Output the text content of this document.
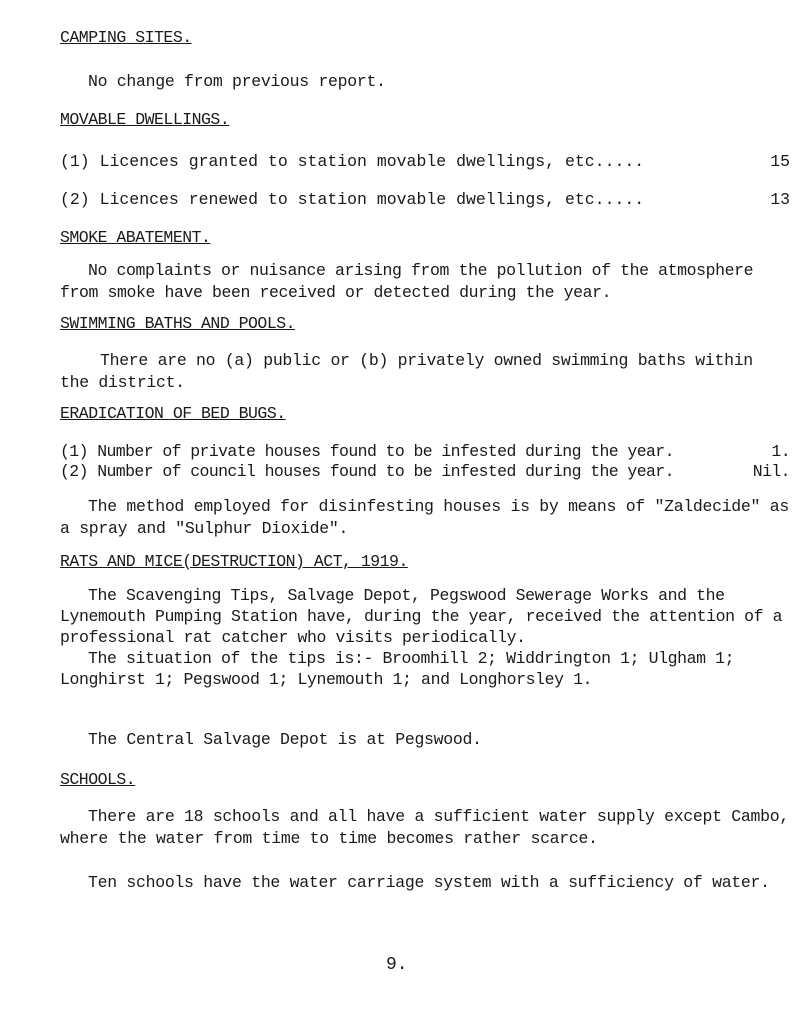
CAMPING SITES.
No change from previous report.
MOVABLE DWELLINGS.
(1) Licences granted to station movable dwellings, etc.....	15
(2) Licences renewed to station movable dwellings, etc.....	13
SMOKE ABATEMENT.
No complaints or nuisance arising from the pollution of the atmosphere from smoke have been received or detected during the year.
SWIMMING BATHS AND POOLS.
There are no (a) public or (b) privately owned swimming baths within the district.
ERADICATION OF BED BUGS.
(1) Number of private houses found to be infested during the year.	1.
(2) Number of council houses found to be infested during the year.	Nil.
The method employed for disinfesting houses is by means of "Zaldecide" as a spray and "Sulphur Dioxide".
RATS AND MICE(DESTRUCTION) ACT, 1919.
The Scavenging Tips, Salvage Depot, Pegswood Sewerage Works and the Lynemouth Pumping Station have, during the year, received the attention of a professional rat catcher who visits periodically.
The situation of the tips is:- Broomhill 2; Widdrington 1; Ulgham 1; Longhirst 1; Pegswood 1; Lynemouth 1; and Longhorsley 1.
The Central Salvage Depot is at Pegswood.
SCHOOLS.
There are 18 schools and all have a sufficient water supply except Cambo, where the water from time to time becomes rather scarce.
Ten schools have the water carriage system with a sufficiency of water.
9.
